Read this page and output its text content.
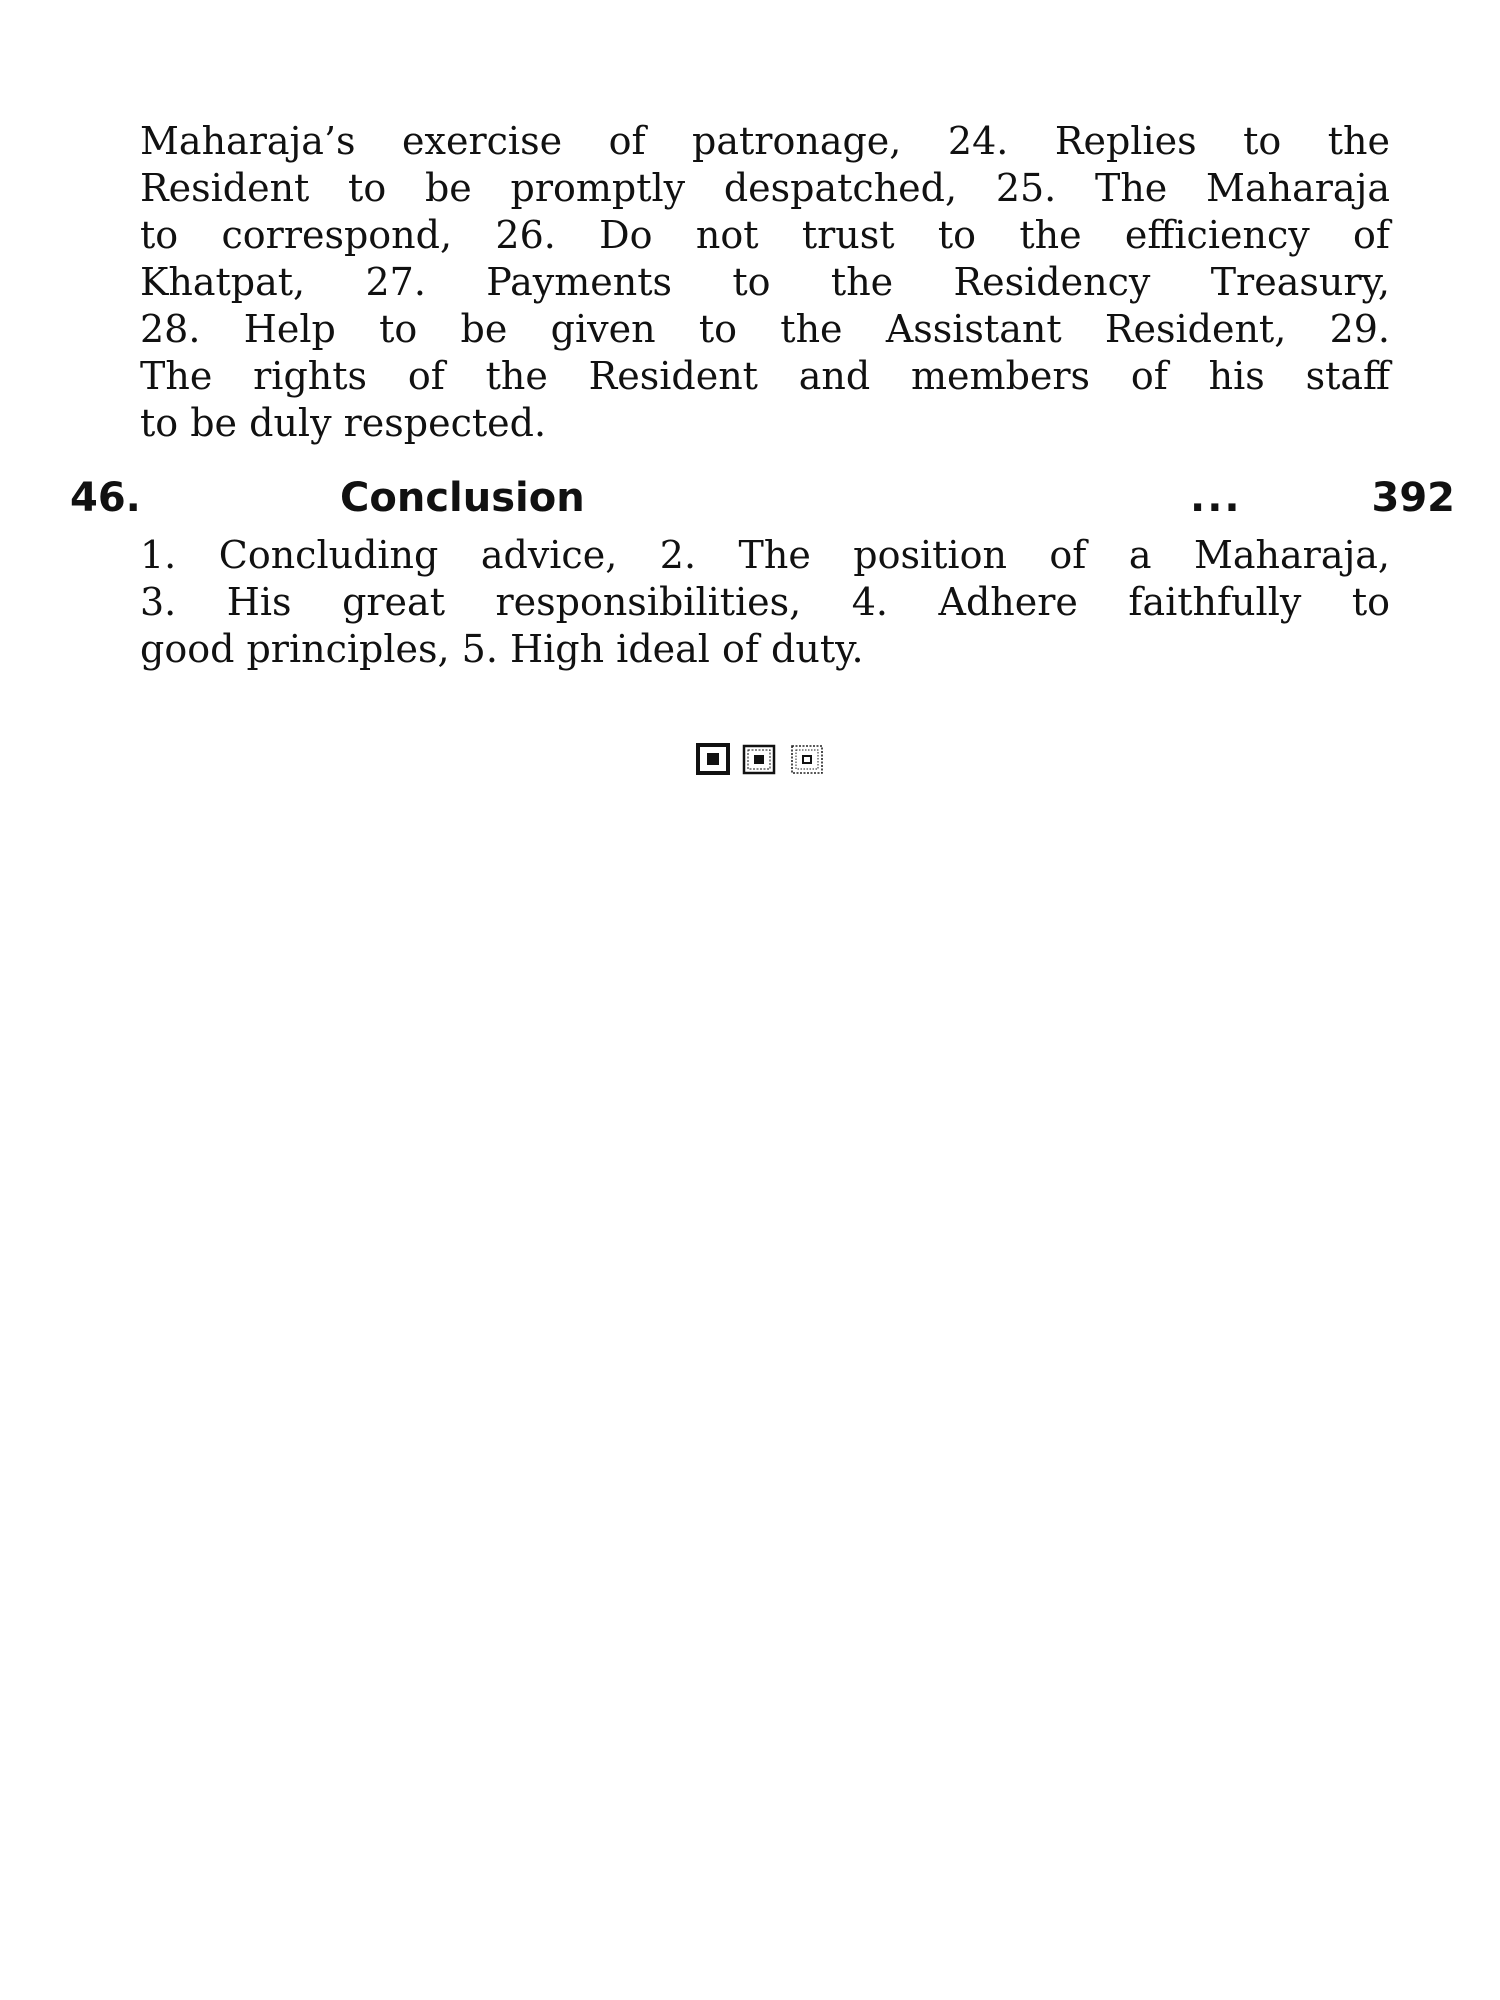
Maharaja’s exercise of patronage, 24. Replies to the
Resident to be promptly despatched, 25. The Maharaja
to correspond, 26. Do not trust to the efficiency of
Khatpat, 27. Payments to the Residency Treasury,
28. Help to be given to the Assistant Resident, 29.
The rights of the Resident and members of his staff
to be duly respected.
46.	Conclusion	...	392
1. Concluding advice, 2. The position of a Maharaja,
3. His great responsibilities, 4. Adhere faithfully to
good principles, 5. High ideal of duty.
